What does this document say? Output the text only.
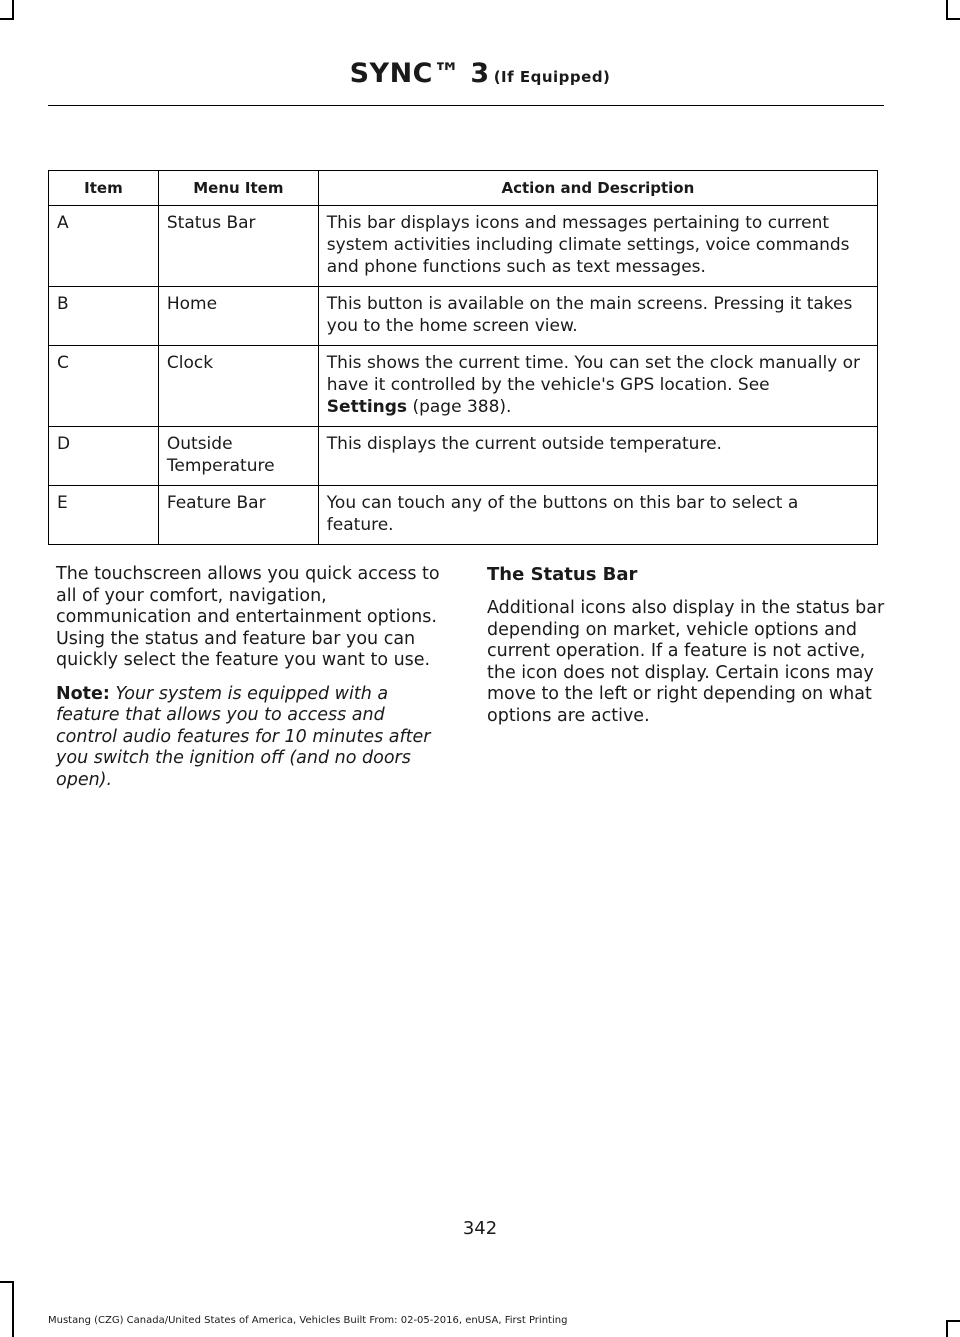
SYNC™ 3 (If Equipped)
Item	Menu Item	Action and Description
A	Status Bar	This bar displays icons and messages pertaining to current system activities including climate settings, voice commands and phone functions such as text messages.
B	Home	This button is available on the main screens. Pressing it takes you to the home screen view.
C	Clock	This shows the current time. You can set the clock manually or have it controlled by the vehicle's GPS location. See
Settings (page 388).
D	Outside Temperature	This displays the current outside temperature.
E	Feature Bar	You can touch any of the buttons on this bar to select a feature.

The touchscreen allows you quick access to all of your comfort, navigation, communication and entertainment options. Using the status and feature bar you can quickly select the feature you want to use.

Note: Your system is equipped with a feature that allows you to access and control audio features for 10 minutes after you switch the ignition off (and no doors open).

The Status Bar

Additional icons also display in the status bar depending on market, vehicle options and current operation. If a feature is not active, the icon does not display. Certain icons may move to the left or right depending on what options are active.

342
Mustang (CZG) Canada/United States of America, Vehicles Built From: 02-05-2016, enUSA, First Printing
